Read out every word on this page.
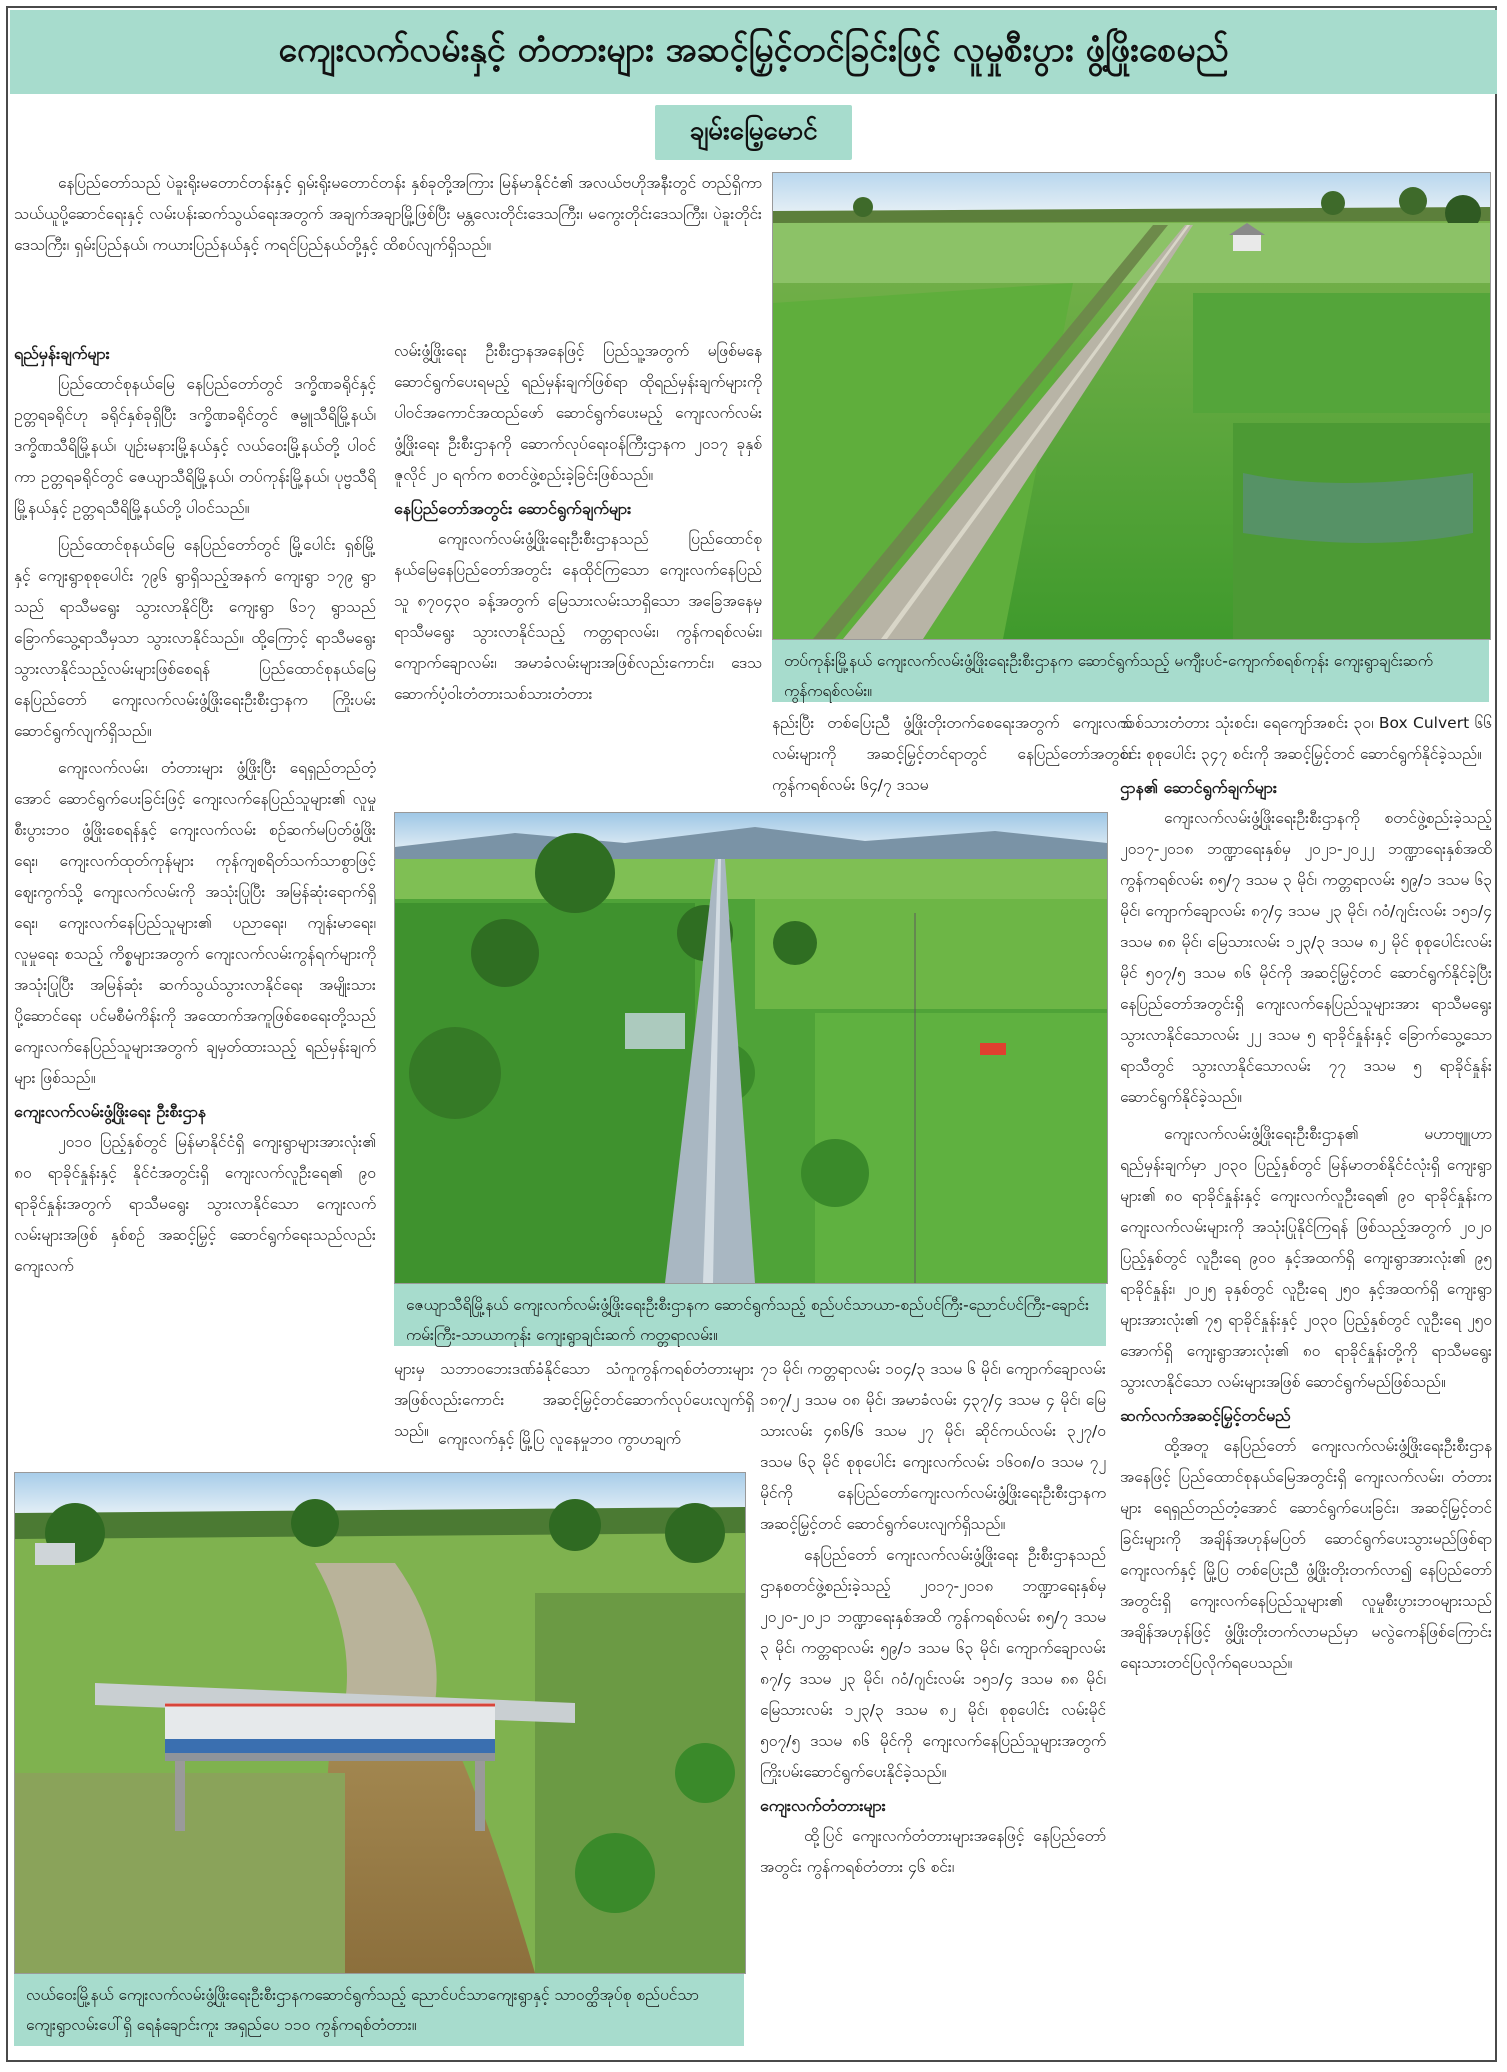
ကျေးလက်လမ်းနှင့် တံတားများ အဆင့်မြှင့်တင်ခြင်းဖြင့် လူမှုစီးပွား ဖွံ့ဖြိုးစေမည်
ချမ်းမြေ့မောင်

နေပြည်တော်သည် ပဲခူးရိုးမတောင်တန်းနှင့် ရှမ်းရိုးမတောင်တန်း နှစ်ခုတို့အကြား မြန်မာနိုင်ငံ၏ အလယ်ဗဟိုအနီးတွင် တည်ရှိကာ သယ်ယူပို့ဆောင်ရေးနှင့် လမ်းပန်းဆက်သွယ်ရေးအတွက် အချက်အချာမြို့ဖြစ်ပြီး မန္တလေးတိုင်းဒေသကြီး၊ မကွေးတိုင်းဒေသကြီး၊ ပဲခူးတိုင်းဒေသကြီး၊ ရှမ်းပြည်နယ်၊ ကယားပြည်နယ်နှင့် ကရင်ပြည်နယ်တို့နှင့် ထိစပ်လျက်ရှိသည်။

တပ်ကုန်းမြို့နယ် ကျေးလက်လမ်းဖွံ့ဖြိုးရေးဦးစီးဌာနက ဆောင်ရွက်သည့် မကျီးပင်-ကျောက်စရစ်ကုန်း ကျေးရွာချင်းဆက် ကွန်ကရစ်လမ်း။
ရည်မှန်းချက်များ

ပြည်ထောင်စုနယ်မြေ နေပြည်တော်တွင် ဒက္ခိဏခရိုင်နှင့် ဥတ္တရခရိုင်ဟု ခရိုင်နှစ်ခုရှိပြီး ဒက္ခိဏခရိုင်တွင် ဇမ္ဗူသီရိမြို့နယ်၊ ဒက္ခိဏသီရိမြို့နယ်၊ ပျဉ်းမနားမြို့နယ်နှင့် လယ်ဝေးမြို့နယ်တို့ ပါဝင်ကာ ဥတ္တရခရိုင်တွင် ဇေယျာသီရိမြို့နယ်၊ တပ်ကုန်းမြို့နယ်၊ ပုဗ္ဗသီရိမြို့နယ်နှင့် ဥတ္တရသီရိမြို့နယ်တို့ ပါဝင်သည်။

ပြည်ထောင်စုနယ်မြေ နေပြည်တော်တွင် မြို့ပေါင်း ရှစ်မြို့နှင့် ကျေးရွာစုစုပေါင်း ၇၉၆ ရွာရှိသည့်အနက် ကျေးရွာ ၁၇၉ ရွာသည် ရာသီမရွေး သွားလာနိုင်ပြီး ကျေးရွာ ၆၁၇ ရွာသည် ခြောက်သွေ့ရာသီမှသာ သွားလာနိုင်သည်။ ထို့ကြောင့် ရာသီမရွေးသွားလာနိုင်သည့်လမ်းများဖြစ်စေရန် ပြည်ထောင်စုနယ်မြေ နေပြည်တော် ကျေးလက်လမ်းဖွံ့ဖြိုးရေးဦးစီးဌာနက ကြိုးပမ်းဆောင်ရွက်လျက်ရှိသည်။

ကျေးလက်လမ်း၊ တံတားများ ဖွံ့ဖြိုးပြီး ရေရှည်တည်တံ့အောင် ဆောင်ရွက်ပေးခြင်းဖြင့် ကျေးလက်နေပြည်သူများ၏ လူမှုစီးပွားဘဝ ဖွံ့ဖြိုးစေရန်နှင့် ကျေးလက်လမ်း စဉ်ဆက်မပြတ်ဖွံ့ဖြိုးရေး၊ ကျေးလက်ထုတ်ကုန်များ ကုန်ကျစရိတ်သက်သာစွာဖြင့် ဈေးကွက်သို့ ကျေးလက်လမ်းကို အသုံးပြုပြီး အမြန်ဆုံးရောက်ရှိရေး၊ ကျေးလက်နေပြည်သူများ၏ ပညာရေး၊ ကျန်းမာရေး၊ လူမှုရေး စသည့် ကိစ္စများအတွက် ကျေးလက်လမ်းကွန်ရက်များကို အသုံးပြုပြီး အမြန်ဆုံး ဆက်သွယ်သွားလာနိုင်ရေး အမျိုးသားပို့ဆောင်ရေး ပင်မစီမံကိန်းကို အထောက်အကူဖြစ်စေရေးတို့သည် ကျေးလက်နေပြည်သူများအတွက် ချမှတ်ထားသည့် ရည်မှန်းချက်များ ဖြစ်သည်။

ကျေးလက်လမ်းဖွံ့ဖြိုးရေး ဦးစီးဌာန

၂၀၁၀ ပြည့်နှစ်တွင် မြန်မာနိုင်ငံရှိ ကျေးရွာများအားလုံး၏ ၈၀ ရာခိုင်နှုန်းနှင့် နိုင်ငံအတွင်းရှိ ကျေးလက်လူဦးရေ၏ ၉၀ ရာခိုင်နှုန်းအတွက် ရာသီမရွေး သွားလာနိုင်သော ကျေးလက်လမ်းများအဖြစ် နှစ်စဉ် အဆင့်မြှင့် ဆောင်ရွက်ရေးသည်လည်း ကျေးလက်

လမ်းဖွံ့ဖြိုးရေး ဦးစီးဌာနအနေဖြင့် ပြည်သူ့အတွက် မဖြစ်မနေဆောင်ရွက်ပေးရမည့် ရည်မှန်းချက်ဖြစ်ရာ ထိုရည်မှန်းချက်များကို ပါဝင်အကောင်အထည်ဖော် ဆောင်ရွက်ပေးမည့် ကျေးလက်လမ်းဖွံ့ဖြိုးရေး ဦးစီးဌာနကို ဆောက်လုပ်ရေးဝန်ကြီးဌာနက ၂၀၁၇ ခုနှစ် ဇူလိုင် ၂၀ ရက်က စတင်ဖွဲ့စည်းခဲ့ခြင်းဖြစ်သည်။

နေပြည်တော်အတွင်း ဆောင်ရွက်ချက်များ

ကျေးလက်လမ်းဖွံ့ဖြိုးရေးဦးစီးဌာနသည် ပြည်ထောင်စုနယ်မြေနေပြည်တော်အတွင်း နေထိုင်ကြသော ကျေးလက်နေပြည်သူ ၈၇၀၄၃၀ ခန့်အတွက် မြေသားလမ်းသာရှိသော အခြေအနေမှ ရာသီမရွေး သွားလာနိုင်သည့် ကတ္တရာလမ်း၊ ကွန်ကရစ်လမ်း၊ ကျောက်ချောလမ်း၊ အမာခံလမ်းများအဖြစ်လည်းကောင်း၊ ဒေသဆောက်ပံ့ဝါးတံတားသစ်သားတံတား

နည်းပြီး တစ်ပြေးညီ ဖွံ့ဖြိုးတိုးတက်စေရေးအတွက် ကျေးလက်လမ်းများကို အဆင့်မြှင့်တင်ရာတွင် နေပြည်တော်အတွင်း ကွန်ကရစ်လမ်း ၆၄/၇ ဒသမ

ဇေယျာသီရိမြို့နယ် ကျေးလက်လမ်းဖွံ့ဖြိုးရေးဦးစီးဌာနက ဆောင်ရွက်သည့် စည်ပင်သာယာ-စည်ပင်ကြီး-ညောင်ပင်ကြီး-ချောင်းကမ်းကြီး-သာယာကုန်း ကျေးရွာချင်းဆက် ကတ္တရာလမ်း။

များမှ သဘာဝဘေးဒဏ်ခံနိုင်သော သံကူကွန်ကရစ်တံတားများအဖြစ်လည်းကောင်း အဆင့်မြှင့်တင်ဆောက်လုပ်ပေးလျက်ရှိသည်။ ကျေးလက်နှင့် မြို့ပြ လူနေမှုဘဝ ကွာဟချက်

သစ်သားတံတား သုံးစင်း၊ ရေကျော်အစင်း ၃၀၊ Box Culvert ၆၆ စင်း စုစုပေါင်း ၃၄၇ စင်းကို အဆင့်မြှင့်တင် ဆောင်ရွက်နိုင်ခဲ့သည်။

ဌာန၏ ဆောင်ရွက်ချက်များ

ကျေးလက်လမ်းဖွံ့ဖြိုးရေးဦးစီးဌာနကို စတင်ဖွဲ့စည်းခဲ့သည့် ၂၀၁၇-၂၀၁၈ ဘဏ္ဍာရေးနှစ်မှ ၂၀၂၁-၂၀၂၂ ဘဏ္ဍာရေးနှစ်အထိ ကွန်ကရစ်လမ်း ၈၅/၇ ဒသမ ၃ မိုင်၊ ကတ္တရာလမ်း ၅၉/၁ ဒသမ ၆၃ မိုင်၊ ကျောက်ချောလမ်း ၈၇/၄ ဒသမ ၂၃ မိုင်၊ ဂဝံ/ဂျင်းလမ်း ၁၅၁/၄ ဒသမ ၈၈ မိုင်၊ မြေသားလမ်း ၁၂၃/၃ ဒသမ ၈၂ မိုင် စုစုပေါင်းလမ်းမိုင် ၅၀၇/၅ ဒသမ ၈၆ မိုင်ကို အဆင့်မြှင့်တင် ဆောင်ရွက်နိုင်ခဲ့ပြီး နေပြည်တော်အတွင်းရှိ ကျေးလက်နေပြည်သူများအား ရာသီမရွေး သွားလာနိုင်သောလမ်း ၂၂ ဒသမ ၅ ရာခိုင်နှုန်းနှင့် ခြောက်သွေ့သောရာသီတွင် သွားလာနိုင်သောလမ်း ၇၇ ဒသမ ၅ ရာခိုင်နှုန်း ဆောင်ရွက်နိုင်ခဲ့သည်။

ကျေးလက်လမ်းဖွံ့ဖြိုးရေးဦးစီးဌာန၏ မဟာဗျူဟာ ရည်မှန်းချက်မှာ ၂၀၃၀ ပြည့်နှစ်တွင် မြန်မာတစ်နိုင်ငံလုံးရှိ ကျေးရွာများ၏ ၈၀ ရာခိုင်နှုန်းနှင့် ကျေးလက်လူဦးရေ၏ ၉၀ ရာခိုင်နှုန်းက ကျေးလက်လမ်းများကို အသုံးပြုနိုင်ကြရန် ဖြစ်သည့်အတွက် ၂၀၂၀ ပြည့်နှစ်တွင် လူဦးရေ ၉၀၀ နှင့်အထက်ရှိ ကျေးရွာအားလုံး၏ ၉၅ ရာခိုင်နှုန်း၊ ၂၀၂၅ ခုနှစ်တွင် လူဦးရေ ၂၅၀ နှင့်အထက်ရှိ ကျေးရွာများအားလုံး၏ ၇၅ ရာခိုင်နှုန်းနှင့် ၂၀၃၀ ပြည့်နှစ်တွင် လူဦးရေ ၂၅၀ အောက်ရှိ ကျေးရွာအားလုံး၏ ၈၀ ရာခိုင်နှုန်းတို့ကို ရာသီမရွေးသွားလာနိုင်သော လမ်းများအဖြစ် ဆောင်ရွက်မည်ဖြစ်သည်။

ဆက်လက်အဆင့်မြှင့်တင်မည်

ထို့အတူ နေပြည်တော် ကျေးလက်လမ်းဖွံ့ဖြိုးရေးဦးစီးဌာနအနေဖြင့် ပြည်ထောင်စုနယ်မြေအတွင်းရှိ ကျေးလက်လမ်း၊ တံတားများ ရေရှည်တည်တံ့အောင် ဆောင်ရွက်ပေးခြင်း၊ အဆင့်မြှင့်တင်ခြင်းများကို အချိန်အဟုန်မပြတ် ဆောင်ရွက်ပေးသွားမည်ဖြစ်ရာ ကျေးလက်နှင့် မြို့ပြ တစ်ပြေးညီ ဖွံ့ဖြိုးတိုးတက်လာ၍ နေပြည်တော်အတွင်းရှိ ကျေးလက်နေပြည်သူများ၏ လူမှုစီးပွားဘဝများသည် အချိန်အဟုန်ဖြင့် ဖွံ့ဖြိုးတိုးတက်လာမည်မှာ မလွဲကေန်ဖြစ်ကြောင်း ရေးသားတင်ပြလိုက်ရပေသည်။

၇၁ မိုင်၊ ကတ္တရာလမ်း ၁၀၄/၃ ဒသမ ၆ မိုင်၊ ကျောက်ချောလမ်း ၁၈၇/၂ ဒသမ ၀၈ မိုင်၊ အမာခံလမ်း ၄၃၇/၄ ဒသမ ၄ မိုင်၊ မြေသားလမ်း ၄၈၆/၆ ဒသမ ၂၇ မိုင်၊ ဆိုင်ကယ်လမ်း ၃၂၇/၀ ဒသမ ၆၃ မိုင် စုစုပေါင်း ကျေးလက်လမ်း ၁၆၀၈/၀ ဒသမ ၇၂ မိုင်ကို နေပြည်တော်ကျေးလက်လမ်းဖွံ့ဖြိုးရေးဦးစီးဌာနက အဆင့်မြှင့်တင် ဆောင်ရွက်ပေးလျက်ရှိသည်။

နေပြည်တော် ကျေးလက်လမ်းဖွံ့ဖြိုးရေး ဦးစီးဌာနသည် ဌာနစတင်ဖွဲ့စည်းခဲ့သည့် ၂၀၁၇-၂၀၁၈ ဘဏ္ဍာရေးနှစ်မှ ၂၀၂၀-၂၀၂၁ ဘဏ္ဍာရေးနှစ်အထိ ကွန်ကရစ်လမ်း ၈၅/၇ ဒသမ ၃ မိုင်၊ ကတ္တရာလမ်း ၅၉/၁ ဒသမ ၆၃ မိုင်၊ ကျောက်ချောလမ်း ၈၇/၄ ဒသမ ၂၃ မိုင်၊ ဂဝံ/ဂျင်းလမ်း ၁၅၁/၄ ဒသမ ၈၈ မိုင်၊ မြေသားလမ်း ၁၂၃/၃ ဒသမ ၈၂ မိုင်၊ စုစုပေါင်း လမ်းမိုင် ၅၀၇/၅ ဒသမ ၈၆ မိုင်ကို ကျေးလက်နေပြည်သူများအတွက် ကြိုးပမ်းဆောင်ရွက်ပေးနိုင်ခဲ့သည်။

ကျေးလက်တံတားများ

ထို့ပြင် ကျေးလက်တံတားများအနေဖြင့် နေပြည်တော်အတွင်း ကွန်ကရစ်တံတား ၄၆ စင်း၊

လယ်ဝေးမြို့နယ် ကျေးလက်လမ်းဖွံ့ဖြိုးရေးဦးစီးဌာနကဆောင်ရွက်သည့် ညောင်ပင်သာကျေးရွာနှင့် သာဝတ္ထိအုပ်စု စည်ပင်သာကျေးရွာလမ်းပေါ်ရှိ ရေနံချောင်းကူး အရှည်ပေ ၁၁၀ ကွန်ကရစ်တံတား။
